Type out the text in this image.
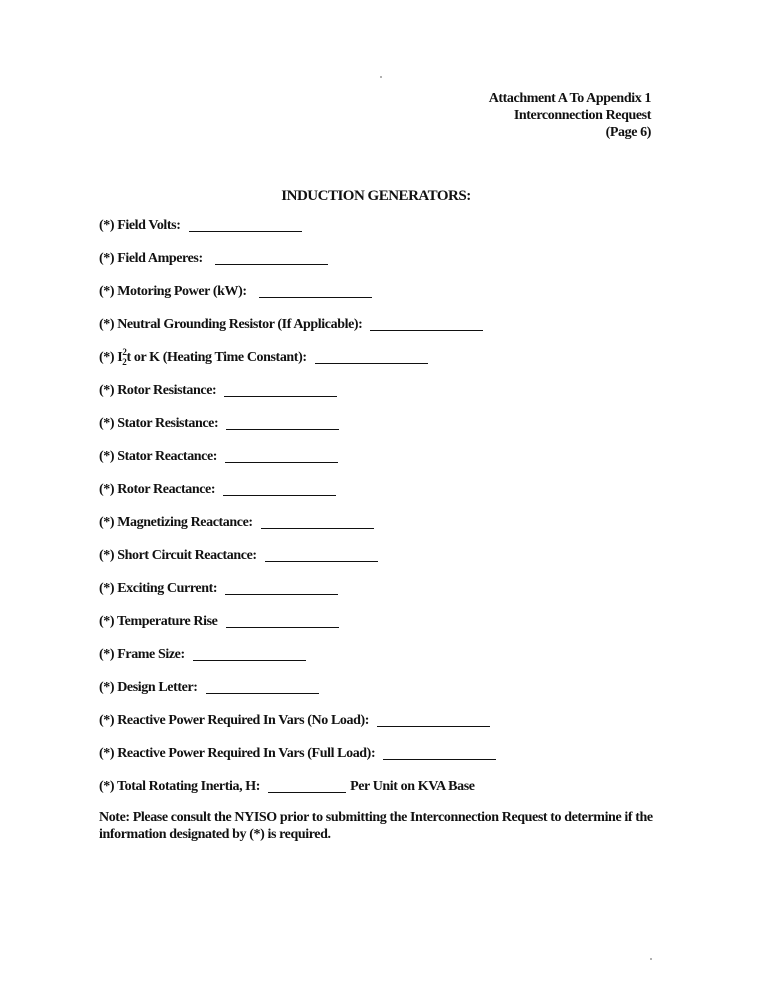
Attachment A To Appendix 1
Interconnection Request
(Page 6)
INDUCTION GENERATORS:
(*) Field Volts:
(*) Field Amperes:
(*) Motoring Power (kW):
(*) Neutral Grounding Resistor (If Applicable):
(*) $I_2^2t$ or K (Heating Time Constant):
(*) Rotor Resistance:
(*) Stator Resistance:
(*) Stator Reactance:
(*) Rotor Reactance:
(*) Magnetizing Reactance:
(*) Short Circuit Reactance:
(*) Exciting Current:
(*) Temperature Rise
(*) Frame Size:
(*) Design Letter:
(*) Reactive Power Required In Vars (No Load):
(*) Reactive Power Required In Vars (Full Load):
(*) Total Rotating Inertia, H:	Per Unit on KVA Base
Note: Please consult the NYISO prior to submitting the Interconnection Request to determine if the information designated by (*) is required.
